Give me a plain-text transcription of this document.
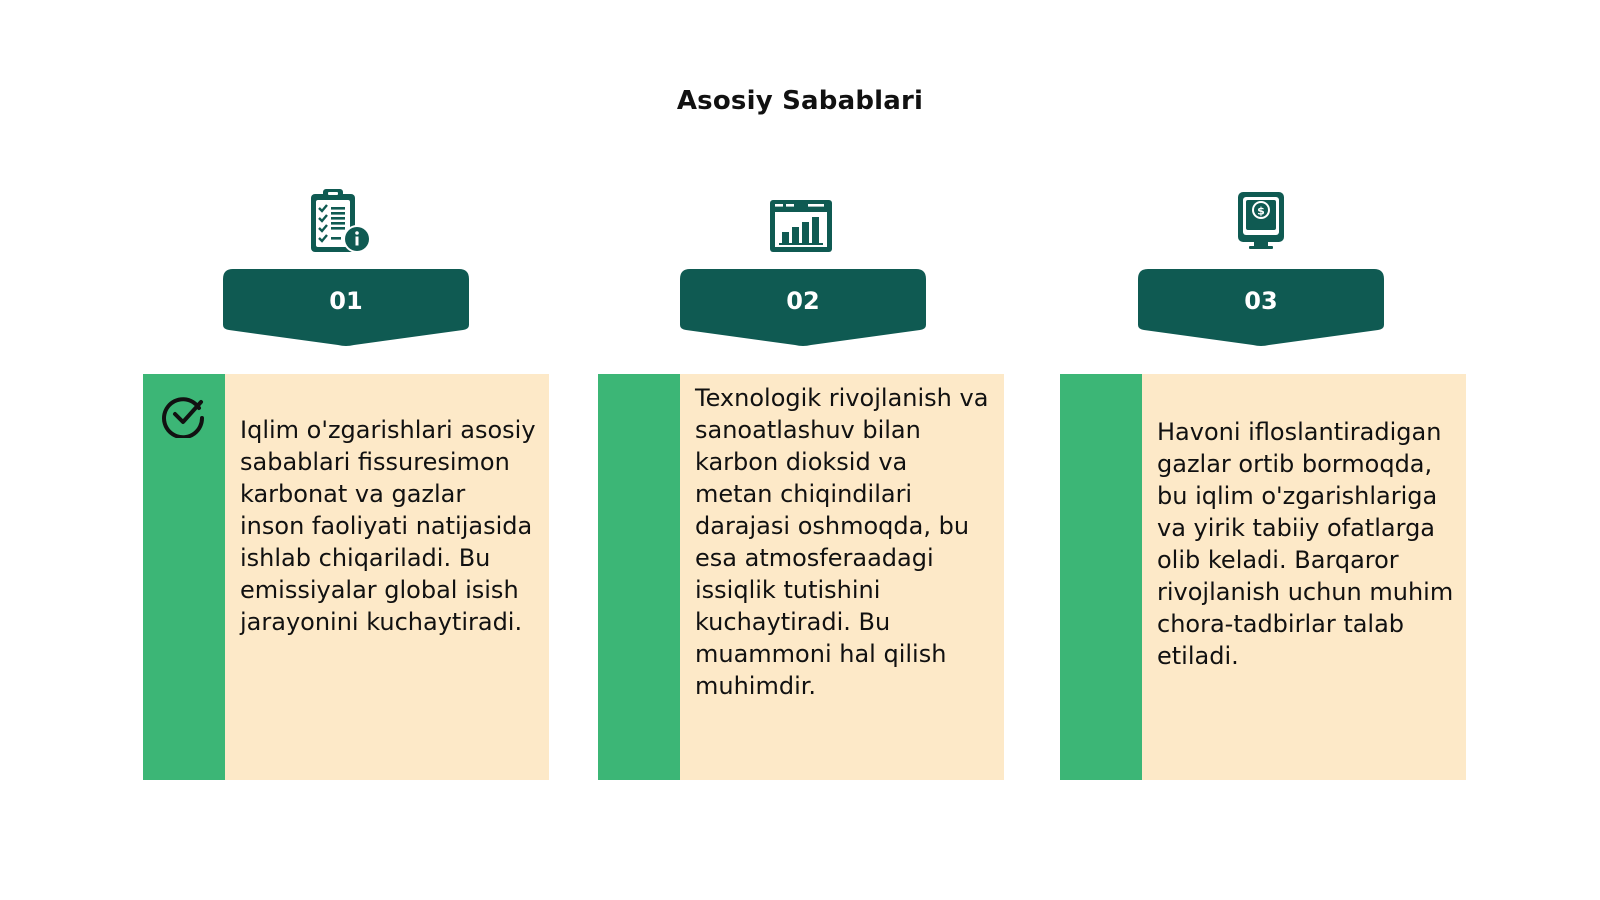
Asosiy Sabablari
01
Iqlim o'zgarishlari asosiy sabablari fissuresimon karbonat va gazlar inson faoliyati natijasida ishlab chiqariladi. Bu emissiyalar global isish jarayonini kuchaytiradi.
02
Texnologik rivojlanish va sanoatlashuv bilan karbon dioksid va metan chiqindilari darajasi oshmoqda, bu esa atmosferaadagi issiqlik tutishini kuchaytiradi. Bu muammoni hal qilish muhimdir.
$
03
Havoni ifloslantiradigan gazlar ortib bormoqda, bu iqlim o'zgarishlariga va yirik tabiiy ofatlarga olib keladi. Barqaror rivojlanish uchun muhim chora-tadbirlar talab etiladi.
